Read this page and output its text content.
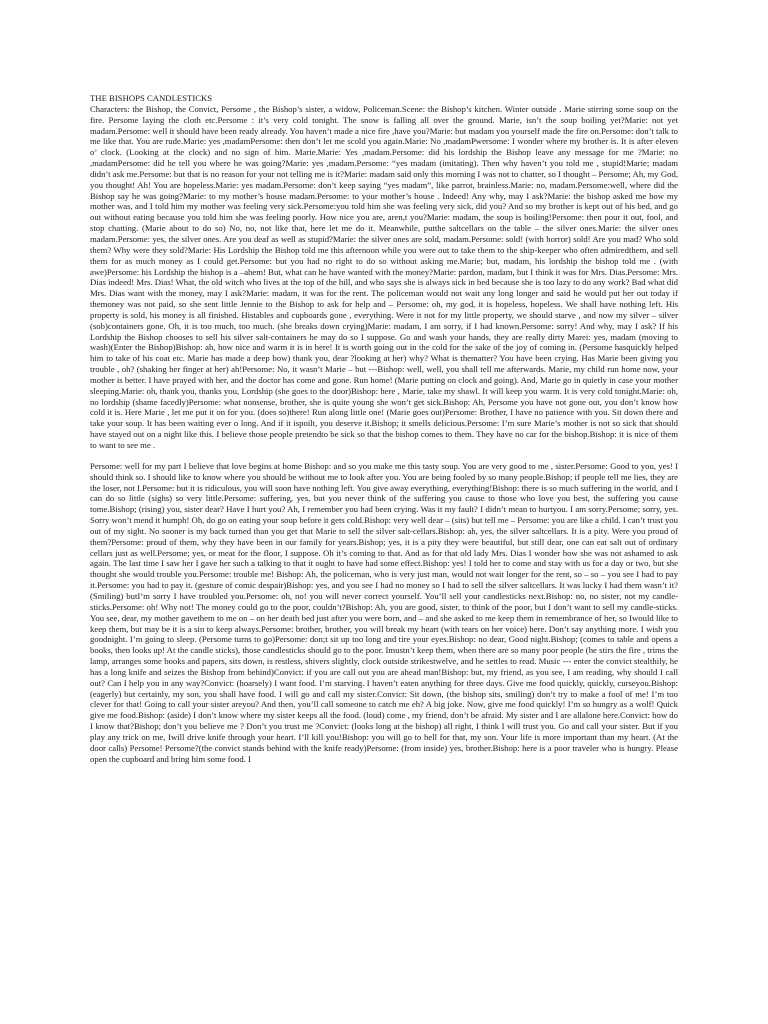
THE BISHOPS CANDLESTICKS

Characters: the Bishop, the Convict, Persome , the Bishop’s sister, a widow, Policeman.Scene: the Bishop’s kitchen. Winter outside . Marie stirring some soup on the fire. Persome laying the cloth etc.Persome : it’s very cold tonight. The snow is falling all over the ground. Marie, isn’t the soup boiling yet?Marie: not yet madam.Persome: well it should have been ready already. You haven’t made a nice fire ,have you?Marie: but madam you yourself made the fire on.Persome: don’t talk to me like that. You are rude.Marie: yes ,madamPersome: then don’t let me scold you again.Marie: No ,madamPwersome: I wonder where my brother is. It is after eleven o’ clock. (Looking at the clock) and no sign of him. Marie.Marie: Yes ,madam.Persome: did his lordship the Bishop leave any message for me ?Marie: no ,madamPersome: did he tell you where he was going?Marie: yes ,madam.Persome: “yes madam (imitating). Then why haven’t you told me , stupid!Marie; madam didn’t ask me.Persome: but that is no reason for your not telling me is it?Marie: madam said only this morning I was not to chatter, so I thought – Persome; Ah, my God, you thought! Ah! You are hopeless.Marie: yes madam.Persome: don’t keep saying “yes madam”, like parrot, brainless.Marie: no, madam.Persome:well, where did the Bishop say he was going?Marie: to my mother’s house madam.Persome: to your mother’s house . Indeed! Any why, may I ask?Marie: the bishop asked me how my mother was, and I told him my mother was feeling very sick.Persome:you told him she was feeling very sick, did you? And so my brother is kept out of his bed, and go out without eating because you told him she was feeling poorly. How nice you are, aren,t you?Marie: madam, the soup is boiling!Persome: then pour it out, fool, and stop chatting. (Marie about to do so) No, no, not like that, here let me do it. Meanwhile, putthe saltcellars on the table – the silver ones.Marie: the silver ones madam.Persome: yes, the silver ones. Are you deaf as well as stupid?Marie: the silver ones are sold, madam.Persome: sold! (with horror) sold! Are you mad? Who sold them? Why were they sold?Marie: His Lordship the Bishop told me this afternoon while you were out to take them to the ship-keeper who often admiredthem, and sell them for as much money as I could get.Persome: but you had no right to do so without asking me.Marie; but, madam, his lordship the bishop told me . (with awe)Persome: his Lordship the bishop is a –ahem! But, what can he have wanted with the money?Marie: pardon, madam, but I think it was for Mrs. Dias.Persome: Mrs. Dias indeed! Mrs. Dias! What, the old witch who lives at the top of the hill, and who says she is always sick in bed because she is too lazy to do any work? Bad what did Mrs. Dias want with the money, may I ask?Marie: madam, it was for the rent. The policeman would not wait any long longer and said he would put her out today if themoney was not paid, so she sent little Jennie to the Bishop to ask for help and – Persome: oh, my god, it is hopeless, hopeless. We shall have nothing left. His property is sold, his money is all finished. Histables and cupboards gone , everything. Were it not for my little property, we should starve , and now my silver – silver (sob)containers gone. Oh, it is too much, too much. (she breaks down crying)Marie: madam, I am sorry, if I had known.Persome: sorry! And why, may I ask? If his Lordship the Bishop chooses to sell his silver salt-containers he may do so I suppose. Go and wash your hands, they are really dirty Marei: yes, madam (moving to wash)(Enter the Bishop)Bishop: ah, how nice and warm it is in here! It is worth going out in the cold for the sake of the joy of coming in. (Persome hasquickly helped him to take of his coat etc. Marie has made a deep bow) thank you, dear ?looking at her) why? What is thematter? You have been crying. Has Marie been giving you trouble , oh? (shaking her finger at her) ah!Persome: No, it wasn’t Marie – but ---Bishop: well, well, you shall tell me afterwards. Marie, my child run home now, your mother is better. I have prayed with her, and the doctor has come and gone. Run home! (Marie putting on clock and going). And, Marie go in quietly in case your mother sleeping.Marie: oh, thank you, thanks you, Lordship (she goes to the door)Bishop: here , Marie, take my shawl. It will keep you warm. It is very cold tonight.Marie: oh, no lordship (shame facedly)Persome: what nonsense, brother, she is quite young she won’t get sick.Bishop: Ah, Persome you have not gone out, you don’t know how cold it is. Here Marie , let me put it on for you. (does so)there! Run along little one! (Marie goes out)Persome: Brother, I have no patience with you. Sit down there and take your soup. It has been waiting ever o long. And if it ispoilt, you deserve it.Bishop; it smells delicious.Persome: I’m sure Marie’s mother is not so sick that should have stayed out on a night like this. I believe those people pretendto be sick so that the bishop comes to them. They have no car for the bishop.Bishop: it is nice of them to want to see me .

Persome: well for my part I believe that love begins at home Bishop: and so you make me this tasty soup. You are very good to me , sister.Persome: Good to you, yes! I should think so. I should like to know where you should be without me to look after you. You are being fooled by so many people.Bishop; if people tell me lies, they are the loser, not I.Persome: but it is ridiculous, you will soon have nothing left. You give away everything, everything!Bishop: there is so much suffering in the world, and I can do so little (sighs) so very little.Persome: suffering, yes, but you never think of the suffering you cause to those who love you best, the suffering you cause tome.Bishop; (rising) you, sister dear? Have I hurt you? Ah, I remember you had been crying. Was it my fault? I didn’t mean to hurtyou. I am sorry.Persome; sorry, yes. Sorry won’t mend it humph! Oh, do go on eating your soup before it gets cold.Bishop: very well dear – (sits) but tell me – Persome: you are like a child. I can’t trust you out of my sight. No sooner is my back turned than you get that Marie to sell the silver salt-cellars.Bishop: ah, yes, the silver saltcellars. It is a pity. Were you proud of them?Persome: proud of them, why they have been in our family for years.Bishop; yes, it is a pity they were beautiful, but still dear, one can eat salt out of ordinary cellars just as well.Persome; yes, or meat for the floor, I suppose. Oh it’s coming to that. And as for that old lady Mrs. Dias I wonder how she was not ashamed to ask again. The last time I saw her I gave her such a talking to that it ought to have had some effect.Bishop: yes! I told her to come and stay with us for a day or two, but she thought she would trouble you.Persome: trouble me! Bishop: Ah, the policeman, who is very just man, would not wait longer for the rent, so – so – you see I had to pay it.Persome: you had to pay it. (gesture of comic despair)Bishop: yes, and you see I had no money so I had to sell the silver saltcellars. It was lucky I had them wasn’t it? (Smiling) butI’m sorry I have troubled you.Persome: oh, no! you will never correct yourself. You’ll sell your candlesticks next.Bishop: no, no sister, not my candle-sticks.Persome: oh! Why not! The money could go to the poor, couldn’t?Bishop: Ah, you are good, sister, to think of the poor, but I don’t want to sell my candle-sticks. You see, dear, my mother gavethem to me on – on her death bed just after you were born, and – and she asked to me keep them in remembrance of her, so Iwould like to keep them, but may be it is a sin to keep always.Persome: brother, brother, you will break my heart (with tears on her voice) here. Don’t say anything more. I wish you goodnight. I’m going to sleep. (Persome turns to go)Persome: don;t sit up too long and tire your eyes.Bishop: no dear, Good night.Bishop; (comes to table and opens a books, then looks up! At the candle sticks), those candlesticks should go to the poor. Imustn’t keep them, when there are so many poor people (he stirs the fire , trims the lamp, arranges some books and papers, sits down, is restless, shivers slightly, clock outside strikestwelve, and he settles to read. Music --- enter the convict stealthily, he has a long knife and seizes the Bishop from behind)Convict: if you are call out you are ahead man!Bishop: but, my friend, as you see, I am reading, why should I call out? Can I help you in any way?Convict: (hoarsely) I want food. I’m starving. I haven’t eaten anything for three days. Give me food quickly, quickly, curseyou.Bishop: (eagerly) but certainly, my son, you shall have food. I will go and call my sister.Convict: Sit down, (the bishop sits, smiling) don’t try to make a fool of me! I’m too clever for that! Going to call your sister areyou? And then, you’ll call someone to catch me eh? A big joke. Now, give me food quickly! I’m so hungry as a wolf! Quick give me food.Bishop: (aside) I don’t know where my sister keeps all the food. (loud) come , my friend, don’t be afraid. My sister and I are allalone here.Convict: how do I know that?Bishop; don’t you believe me ? Don’t you trust me ?Convict: (looks long at the bishop) all right, I think I will trust you. Go and call your sister. But if you play any trick on me, Iwill drive knife through your heart. I’ll kill you!Bishop: you will go to hell for that, my son. Your life is more important than my heart. (At the door calls) Persome! Persome?(the convict stands behind with the knife ready)Persome: (from inside) yes, brother.Bishop: here is a poor traveler who is hungry. Please open the cupboard and bring him some food. I
